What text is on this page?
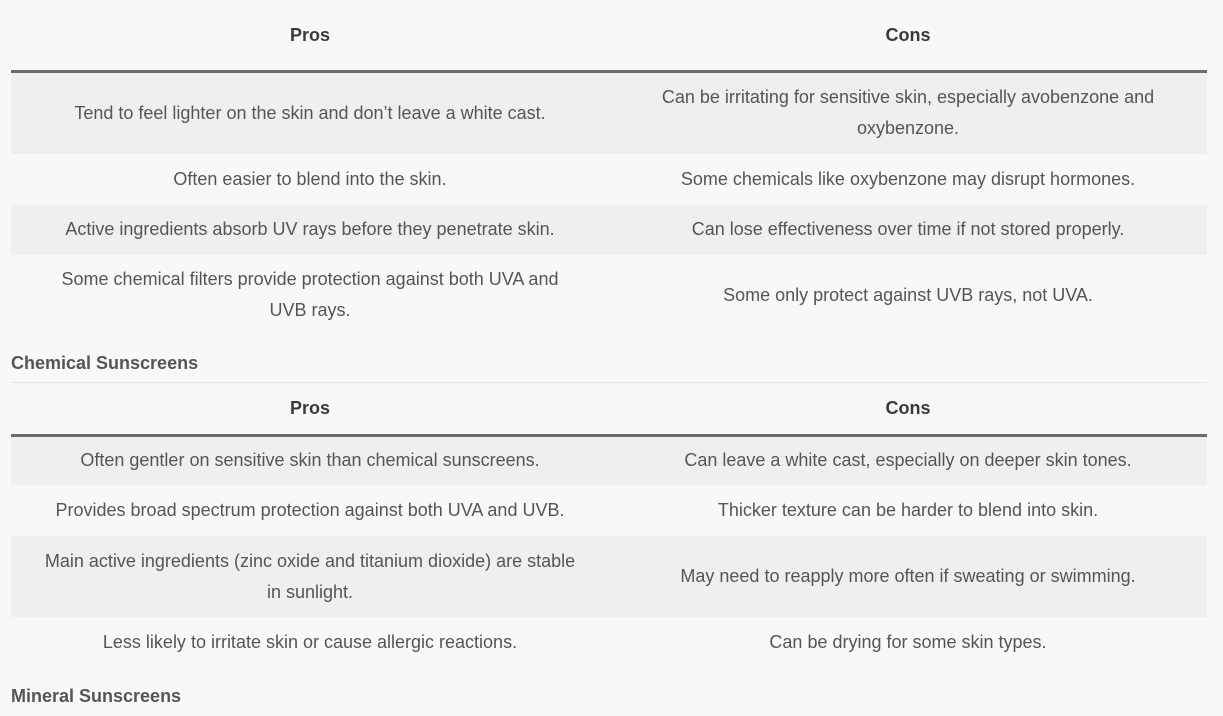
Pros	Cons
Tend to feel lighter on the skin and don’t leave a white cast.	Can be irritating for sensitive skin, especially avobenzone and oxybenzone.
Often easier to blend into the skin.	Some chemicals like oxybenzone may disrupt hormones.
Active ingredients absorb UV rays before they penetrate skin.	Can lose effectiveness over time if not stored properly.
Some chemical filters provide protection against both UVA and UVB rays.	Some only protect against UVB rays, not UVA.
Chemical Sunscreens
Pros	Cons
Often gentler on sensitive skin than chemical sunscreens.	Can leave a white cast, especially on deeper skin tones.
Provides broad spectrum protection against both UVA and UVB.	Thicker texture can be harder to blend into skin.
Main active ingredients (zinc oxide and titanium dioxide) are stable in sunlight.	May need to reapply more often if sweating or swimming.
Less likely to irritate skin or cause allergic reactions.	Can be drying for some skin types.
Mineral Sunscreens
